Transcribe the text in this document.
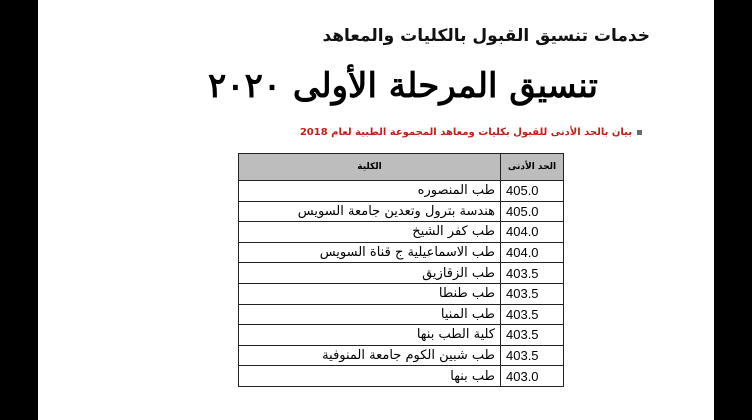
خدمات تنسيق القبول بالكليات والمعاهد
تنسيق المرحلة الأولى ٢٠٢٠
بيان بالحد الأدنى للقبول بكليات ومعاهد المجموعة الطبية لعام 2018
الحد الأدنى	الكلية
405.0	طب المنصوره
405.0	هندسة بترول وتعدين جامعة السويس
404.0	طب كفر الشيخ
404.0	طب الاسماعيلية ج قناة السويس
403.5	طب الزقازيق
403.5	طب طنطا
403.5	طب المنيا
403.5	كلية الطب بنها
403.5	طب شبين الكوم جامعة المنوفية
403.0	طب بنها
